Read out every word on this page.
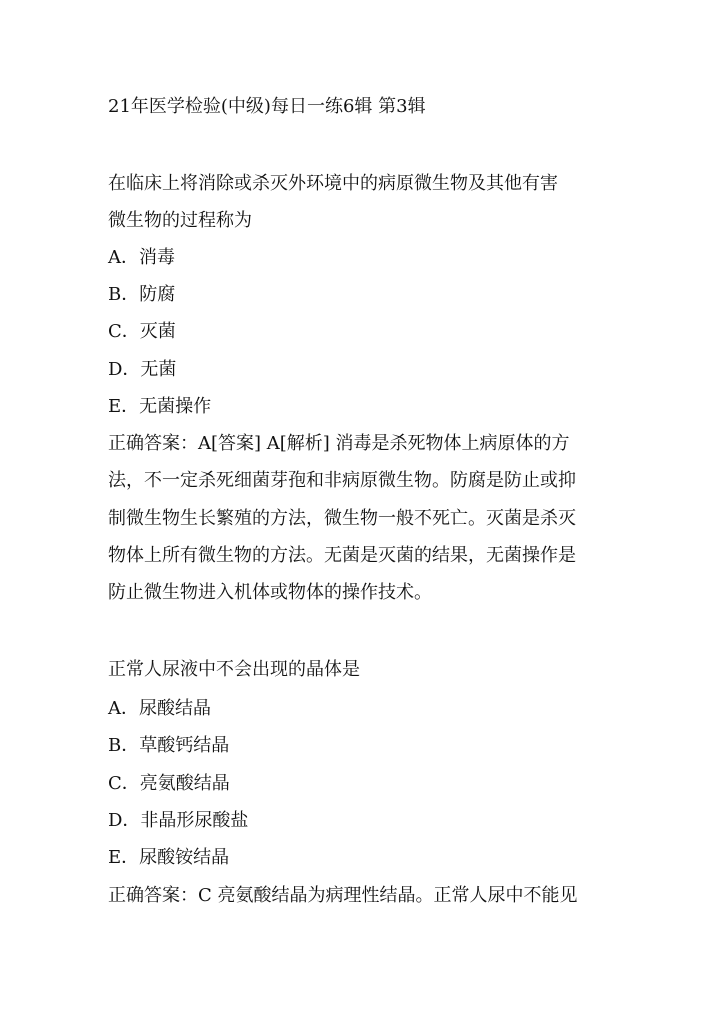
21年医学检验(中级)每日一练6辑 第3辑
在临床上将消除或杀灭外环境中的病原微生物及其他有害
微生物的过程称为
A．消毒
B．防腐
C．灭菌
D．无菌
E．无菌操作
正确答案：A[答案] A[解析] 消毒是杀死物体上病原体的方
法，不一定杀死细菌芽孢和非病原微生物。防腐是防止或抑
制微生物生长繁殖的方法，微生物一般不死亡。灭菌是杀灭
物体上所有微生物的方法。无菌是灭菌的结果，无菌操作是
防止微生物进入机体或物体的操作技术。
正常人尿液中不会出现的晶体是
A．尿酸结晶
B．草酸钙结晶
C．亮氨酸结晶
D．非晶形尿酸盐
E．尿酸铵结晶
正确答案：C 亮氨酸结晶为病理性结晶。正常人尿中不能见
